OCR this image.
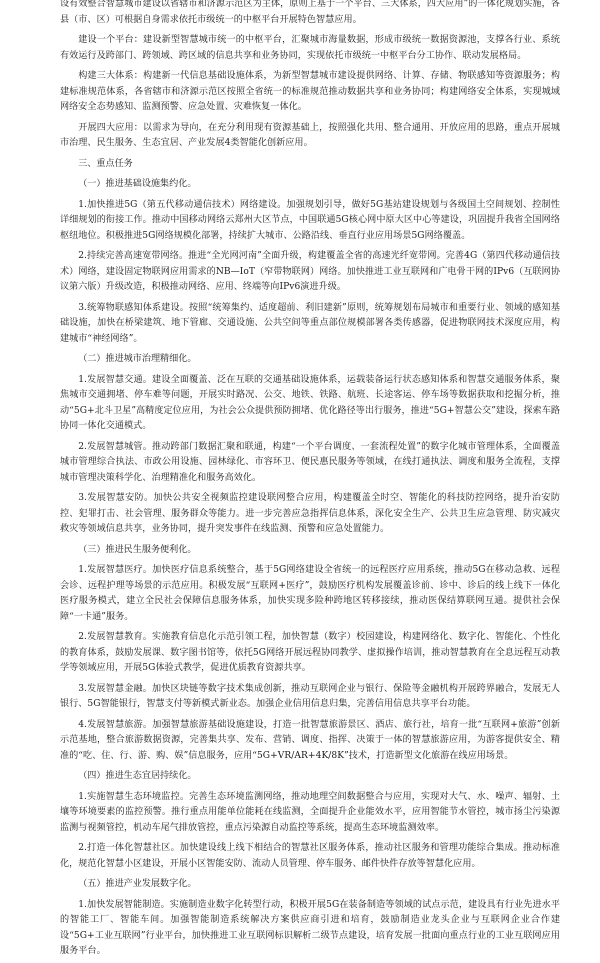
设有效整合智慧城市建设以省辖市和济源示范区为主体，原则上基于一个平台、三大体系，四大应用”的一体化规划实施，各县（市、区）可根据自身需求依托市级统一的中枢平台开展特色智慧应用。
建设一个平台：建设新型智慧城市统一的中枢平台，汇聚城市海量数据，形成市级统一数据资源池，支撑各行业、系统有效运行及跨部门、跨领域、跨区域的信息共享和业务协同，实现依托市级统一中枢平台分工协作、联动发展格局。
构建三大体系：构建新一代信息基础设施体系，为新型智慧城市建设提供网络、计算、存储、物联感知等资源服务；构建标准规范体系，各省辖市和济源示范区按照全省统一的标准规范推动数据共享和业务协同；构建网络安全体系，实现城域网络安全态势感知、监测预警、应急处置、灾难恢复一体化。
开展四大应用：以需求为导向，在充分利用现有资源基础上，按照强化共用、整合通用、开放应用的思路，重点开展城市治理、民生服务、生态宜居、产业发展4类智能化创新应用。
三、重点任务
（一）推进基础设施集约化。
1.加快推进5G（第五代移动通信技术）网络建设。加强规划引导，做好5G基站建设规划与各级国土空间规划、控制性详细规划的衔接工作。推动中国移动网络云郑州大区节点，中国联通5G核心网中原大区中心等建设，巩固提升我省全国网络枢纽地位。积极推进5G网络规模化部署，持续扩大城市、公路沿线、垂直行业应用场景5G网络覆盖。
2.持续完善高速宽带网络。推进“全光网河南”全面升级，构建覆盖全省的高速光纤宽带网。完善4G（第四代移动通信技术）网络，建设固定物联网应用需求的NB—IoT（窄带物联网）网络。加快推进工业互联网和广电骨干网的IPv6（互联网协议第六版）升级改造，积极推动网络、应用、终端等向IPv6演进升级。
3.统筹物联感知体系建设。按照“统筹集约、适度超前、利旧建新”原则，统筹规划布局城市和重要行业、领域的感知基础设施，加快在桥梁建筑、地下管廊、交通设施、公共空间等重点部位规模部署各类传感器，促进物联网技术深度应用，构建城市“神经网络”。
（二）推进城市治理精细化。
1.发展智慧交通。建设全面覆盖、泛在互联的交通基础设施体系，运载装备运行状态感知体系和智慧交通服务体系，聚焦城市交通拥堵、停车难等问题，开展实时路况、公交、地铁、铁路、航班、长途客运、停车场等数据获取和挖掘分析，推动“5G+北斗卫星”高精度定位应用，为社会公众提供预防拥堵、优化路径等出行服务，推进“5G+智慧公交”建设，探索车路协同一体化交通模式。
2.发展智慧城管。推动跨部门数据汇聚和联通，构建“一个平台调度、一套流程处置”的数字化城市管理体系，全面覆盖城市管理综合执法、市政公用设施、园林绿化、市容环卫、便民惠民服务等领域，在线打通执法、调度和服务全流程，支撑城市管理决策科学化、治理精准化和服务高效化。
3.发展智慧安防。加快公共安全视频监控建设联网整合应用，构建覆盖全时空、智能化的科技防控网络，提升治安防控、犯罪打击、社会管理、服务群众等能力。进一步完善应急指挥信息体系，深化安全生产、公共卫生应急管理、防灾减灾救灾等领域信息共享，业务协同，提升突发事件在线监测、预警和应急处置能力。
（三）推进民生服务便利化。
1.发展智慧医疗。加快医疗信息系统整合，基于5G网络建设全省统一的远程医疗应用系统，推动5G在移动急救、远程会诊、远程护理等场景的示范应用。积极发展“互联网+医疗”，鼓励医疗机构发展覆盖诊前、诊中、诊后的线上线下一体化医疗服务模式，建立全民社会保障信息服务体系，加快实现多险种跨地区转移接续，推动医保结算联网互通。提供社会保障“一卡通”服务。
2.发展智慧教育。实施教育信息化示范引领工程，加快智慧（数字）校园建设，构建网络化、数字化、智能化、个性化的教育体系，鼓励发展课、数字图书馆等，依托5G网络开展远程协同教学、虚拟操作培训，推动智慧教育在全息远程互动教学等领域应用，开展5G体验式教学，促进优质教育资源共享。
3.发展智慧金融。加快区块链等数字技术集成创新，推动互联网企业与银行、保险等金融机构开展跨界融合，发展无人银行、5G智能银行，智慧支付等新模式新业态。加强企业信用信息归集，完善信用信息共享平台功能。
4.发展智慧旅游。加强智慧旅游基础设施建设，打造一批智慧旅游景区、酒店、旅行社，培育一批“互联网+旅游”创新示范基地，整合旅游数据资源，完善集共享、发布、营销、调度、指挥、决策于一体的智慧旅游应用，为游客提供安全、精准的“吃、住、行、游、购、娱”信息服务，应用“5G+VR/AR+4K/8K”技术，打造新型文化旅游在线应用场景。
（四）推进生态宜居持续化。
1.实施智慧生态环境监控。完善生态环境监测网络，推动地理空间数据整合与应用，实现对大气、水、噪声、辐射、土壤等环境要素的监控预警。推行重点用能单位能耗在线监测，全面提升企业能效水平，应用智能节水管控，城市扬尘污染源监测与视频管控，机动车尾气排放管控，重点污染源自动监控等系统，提高生态环境监测效率。
2.打造一体化智慧社区。加快建设线上线下相结合的智慧社区服务体系，推动社区服务和管理功能综合集成。推动标准化，规范化智慧小区建设，开展小区智能安防、流动人员管理、停车服务、邮件快件存放等智慧化应用。
（五）推进产业发展数字化。
1.加快发展智能制造。实施制造业数字化转型行动，积极开展5G在装备制造等领域的试点示范，建设具有行业先进水平的智能工厂、智能车间。加强智能制造系统解决方案供应商引进和培育，鼓励制造业龙头企业与互联网企业合作建设“5G+工业互联网”行业平台，加快推进工业互联网标识解析二级节点建设，培育发展一批面向重点行业的工业互联网应用服务平台。
